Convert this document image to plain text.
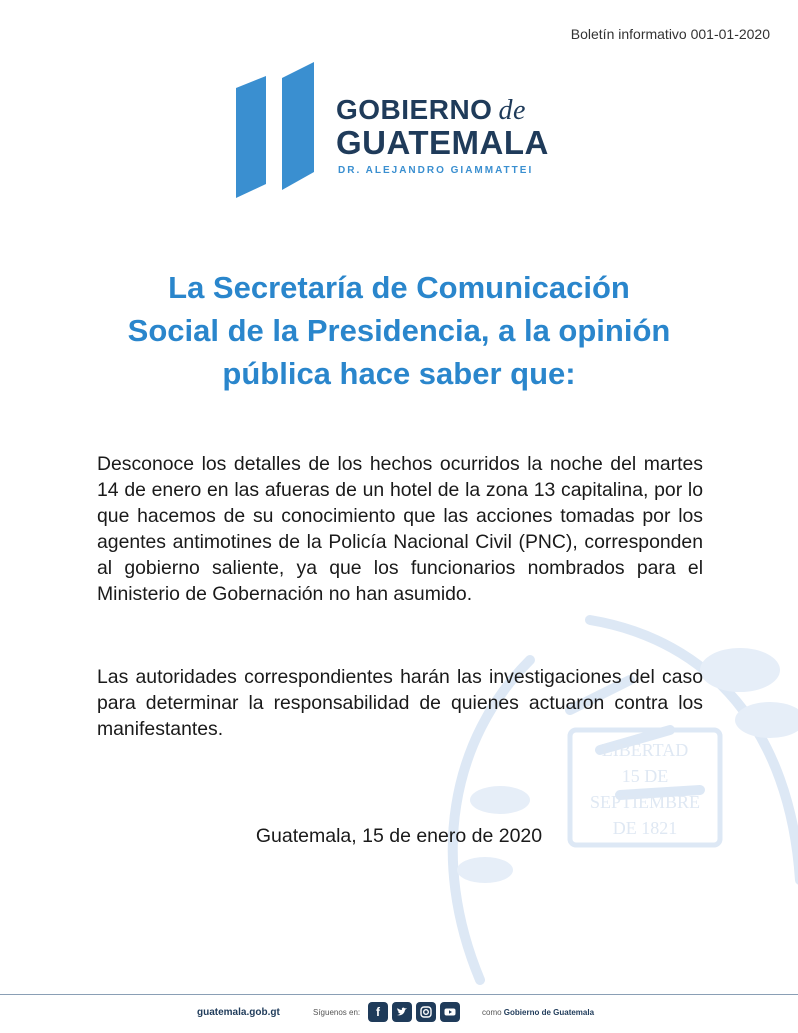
LIBERTAD
15 DE
SEPTIEMBRE
DE 1821
Boletín informativo 001-01-2020
GOBIERNO de
GUATEMALA
DR. ALEJANDRO GIAMMATTEI
La Secretaría de Comunicación
Social de la Presidencia, a la opinión
pública hace saber que:
Desconoce los detalles de los hechos ocurridos la noche del martes 14 de enero en las afueras de un hotel de la zona 13 capitalina, por lo que hacemos de su conocimiento que las acciones tomadas por los agentes antimotines de la Policía Nacional Civil (PNC), corresponden al gobierno saliente, ya que los funcionarios nombrados para el Ministerio de Gobernación no han asumido.
Las autoridades correspondientes harán las investigaciones del caso para determinar la responsabilidad de quienes actuaron contra los manifestantes.
Guatemala, 15 de enero de 2020
guatemala.gob.gt	Síguenos en:	f	como Gobierno de Guatemala
